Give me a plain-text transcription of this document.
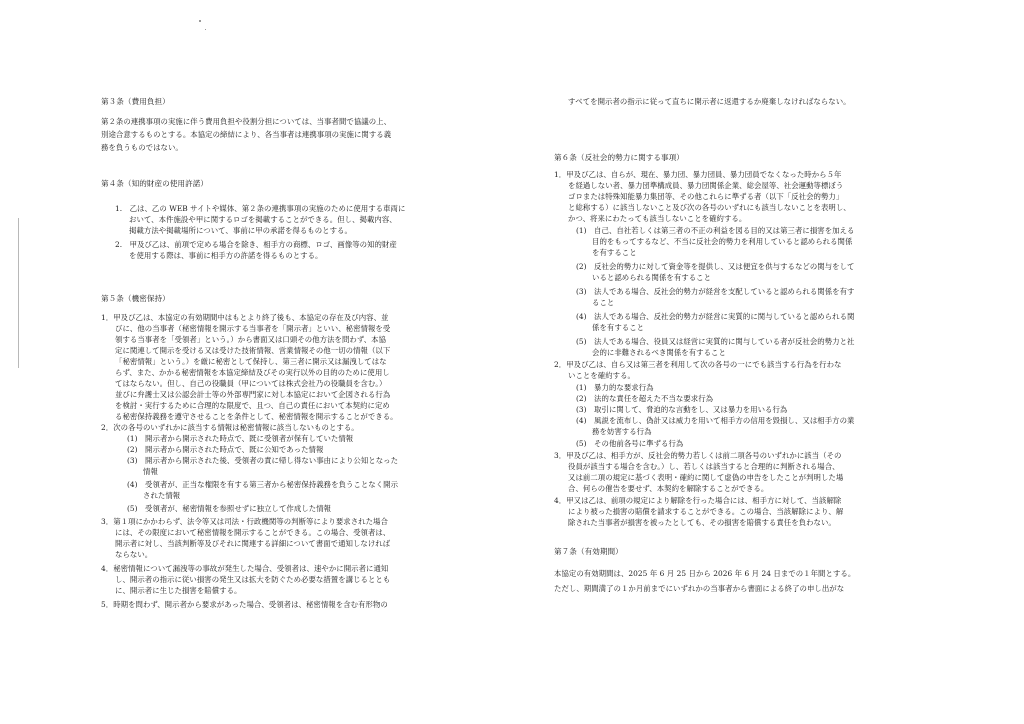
第３条（費用負担）
第２条の連携事項の実施に伴う費用負担や役割分担については、当事者間で協議の上、
別途合意するものとする。本協定の締結により、各当事者は連携事項の実施に関する義
務を負うものではない。
第４条（知的財産の使用許諾）
1.　乙は、乙の WEB サイトや媒体、第２条の連携事項の実施のために使用する車両に
おいて、本件施設や甲に関するロゴを掲載することができる。但し、掲載内容、
掲載方法や掲載場所について、事前に甲の承諾を得るものとする。
2.　甲及び乙は、前項で定める場合を除き、相手方の商標、ロゴ、画像等の知的財産
を使用する際は、事前に相手方の許諾を得るものとする。
第５条（機密保持）
1．甲及び乙は、本協定の有効期間中はもとより終了後も、本協定の存在及び内容、並
びに、他の当事者（秘密情報を開示する当事者を「開示者」といい、秘密情報を受
領する当事者を「受領者」という。）から書面又は口頭その他方法を問わず、本協
定に関連して開示を受ける又は受けた技術情報、営業情報その他一切の情報（以下
「秘密情報」という。）を厳に秘密として保持し、第三者に開示又は漏洩してはな
らず、また、かかる秘密情報を本協定締結及びその実行以外の目的のために使用し
てはならない。但し、自己の役職員（甲については株式会社乃の役職員を含む。）
並びに弁護士又は公認会計士等の外部専門家に対し本協定において企図される行為
を検討・実行するために合理的な限度で、且つ、自己の責任において本契約に定め
る秘密保持義務を遵守させることを条件として、秘密情報を開示することができる。
2．次の各号のいずれかに該当する情報は秘密情報に該当しないものとする。
(1)　開示者から開示された時点で、既に受領者が保有していた情報
(2)　開示者から開示された時点で、既に公知であった情報
(3)　開示者から開示された後、受領者の責に帰し得ない事由により公知となった
情報
(4)　受領者が、正当な権限を有する第三者から秘密保持義務を負うことなく開示
された情報
(5)　受領者が、秘密情報を参照せずに独立して作成した情報
3．第１項にかかわらず、法令等又は司法・行政機関等の判断等により要求された場合
には、その限度において秘密情報を開示することができる。この場合、受領者は、
開示者に対し、当該判断等及びそれに関連する詳細について書面で通知しなければ
ならない。
4．秘密情報について漏洩等の事故が発生した場合、受領者は、速やかに開示者に通知
し、開示者の指示に従い損害の発生又は拡大を防ぐため必要な措置を講じるととも
に、開示者に生じた損害を賠償する。
5．時期を問わず、開示者から要求があった場合、受領者は、秘密情報を含む有形物の
すべてを開示者の指示に従って直ちに開示者に返還するか廃棄しなければならない。
第６条（反社会的勢力に関する事項）
1．甲及び乙は、自らが、現在、暴力団、暴力団員、暴力団員でなくなった時から５年
を経過しない者、暴力団準構成員、暴力団関係企業、総会屋等、社会運動等標ぼう
ゴロまたは特殊知能暴力集団等、その他これらに準ずる者（以下「反社会的勢力」
と総称する）に該当しないこと及び次の各号のいずれにも該当しないことを表明し、
かつ、将来にわたっても該当しないことを確約する。
(1)　自己、自社若しくは第三者の不正の利益を図る目的又は第三者に損害を加える
目的をもってするなど、不当に反社会的勢力を利用していると認められる関係
を有すること
(2)　反社会的勢力に対して資金等を提供し、又は便宜を供与するなどの関与をして
いると認められる関係を有すること
(3)　法人である場合、反社会的勢力が経営を支配していると認められる関係を有す
ること
(4)　法人である場合、反社会的勢力が経営に実質的に関与していると認められる関
係を有すること
(5)　法人である場合、役員又は経営に実質的に関与している者が反社会的勢力と社
会的に非難されるべき関係を有すること
2．甲及び乙は、自ら又は第三者を利用して次の各号の一にでも該当する行為を行わな
いことを確約する。
(1)　暴力的な要求行為
(2)　法的な責任を超えた不当な要求行為
(3)　取引に関して、脅迫的な言動をし、又は暴力を用いる行為
(4)　風説を流布し、偽計又は威力を用いて相手方の信用を毀損し、又は相手方の業
務を妨害する行為
(5)　その他前各号に準ずる行為
3．甲及び乙は、相手方が、反社会的勢力若しくは前二項各号のいずれかに該当（その
役員が該当する場合を含む。）し、若しくは該当すると合理的に判断される場合、
又は前二項の規定に基づく表明・確約に関して虚偽の申告をしたことが判明した場
合、何らの催告を要せず、本契約を解除することができる。
4．甲又は乙は、前項の規定により解除を行った場合には、相手方に対して、当該解除
により被った損害の賠償を請求することができる。この場合、当該解除により、解
除された当事者が損害を被ったとしても、その損害を賠償する責任を負わない。
第７条（有効期間）
本協定の有効期間は、2025 年 6 月 25 日から 2026 年 6 月 24 日までの１年間とする。
ただし、期間満了の１か月前までにいずれかの当事者から書面による終了の申し出がな
